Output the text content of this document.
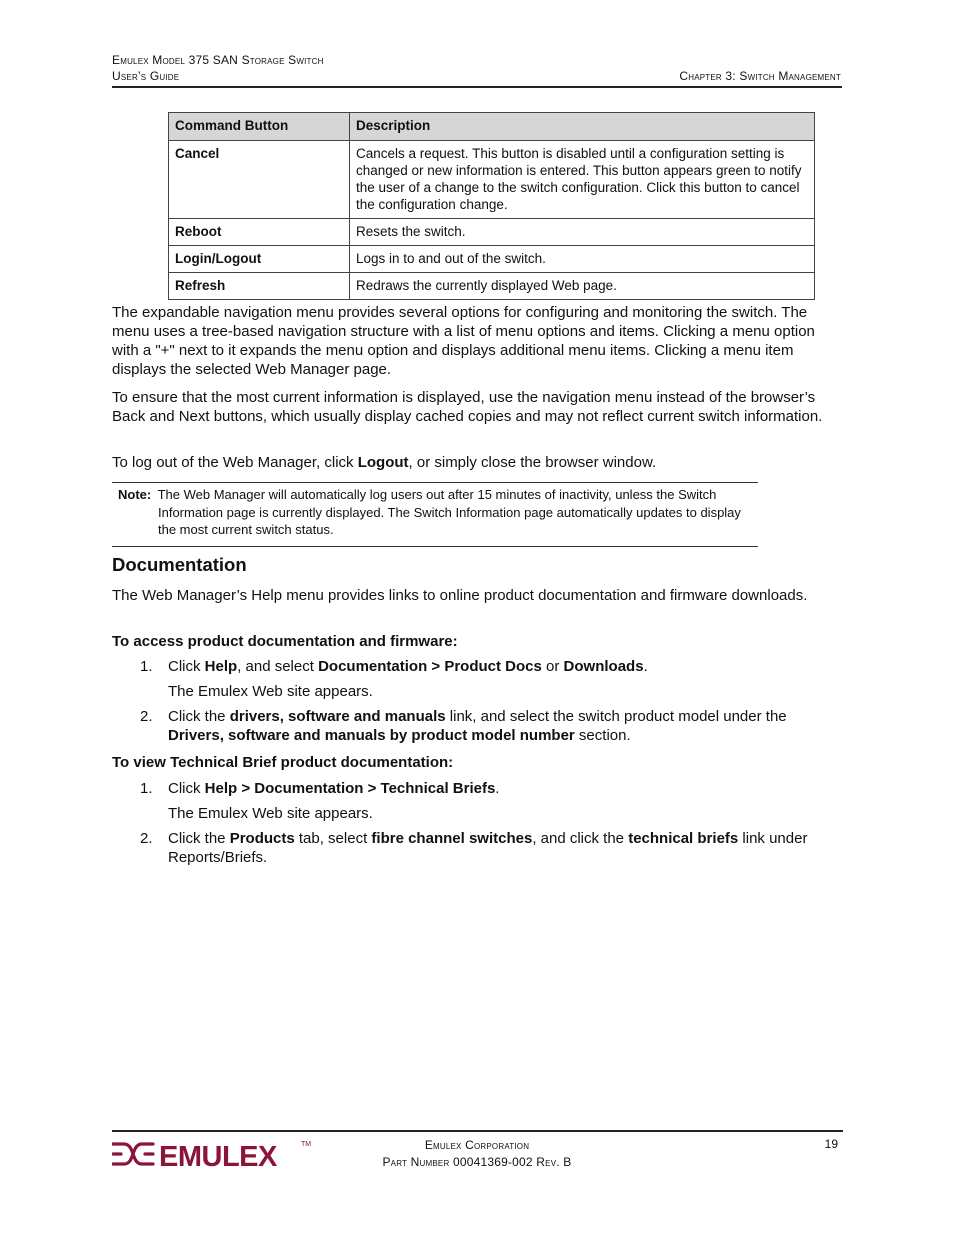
Emulex Model 375 SAN Storage Switch
User’s Guide	Chapter 3: Switch Management
Command Button	Description
Cancel	Cancels a request. This button is disabled until a configuration setting is changed or new information is entered. This button appears green to notify the user of a change to the switch configuration. Click this button to cancel the configuration change.
Reboot	Resets the switch.
Login/Logout	Logs in to and out of the switch.
Refresh	Redraws the currently displayed Web page.
The expandable navigation menu provides several options for configuring and monitoring the switch. The menu uses a tree-based navigation structure with a list of menu options and items. Clicking a menu option with a "+" next to it expands the menu option and displays additional menu items. Clicking a menu item displays the selected Web Manager page.
To ensure that the most current information is displayed, use the navigation menu instead of the browser’s Back and Next buttons, which usually display cached copies and may not reflect current switch information.
To log out of the Web Manager, click Logout, or simply close the browser window.
Note: The Web Manager will automatically log users out after 15 minutes of inactivity, unless the Switch Information page is currently displayed. The Switch Information page automatically updates to display the most current switch status.
Documentation
The Web Manager’s Help menu provides links to online product documentation and firmware downloads.
To access product documentation and firmware:
1. Click Help, and select Documentation > Product Docs or Downloads.
The Emulex Web site appears.
2. Click the drivers, software and manuals link, and select the switch product model under the Drivers, software and manuals by product model number section.
To view Technical Brief product documentation:
1. Click Help > Documentation > Technical Briefs.
The Emulex Web site appears.
2. Click the Products tab, select fibre channel switches, and click the technical briefs link under Reports/Briefs.
EMULEX	TM	Emulex Corporation
Part Number 00041369-002 Rev. B
19
